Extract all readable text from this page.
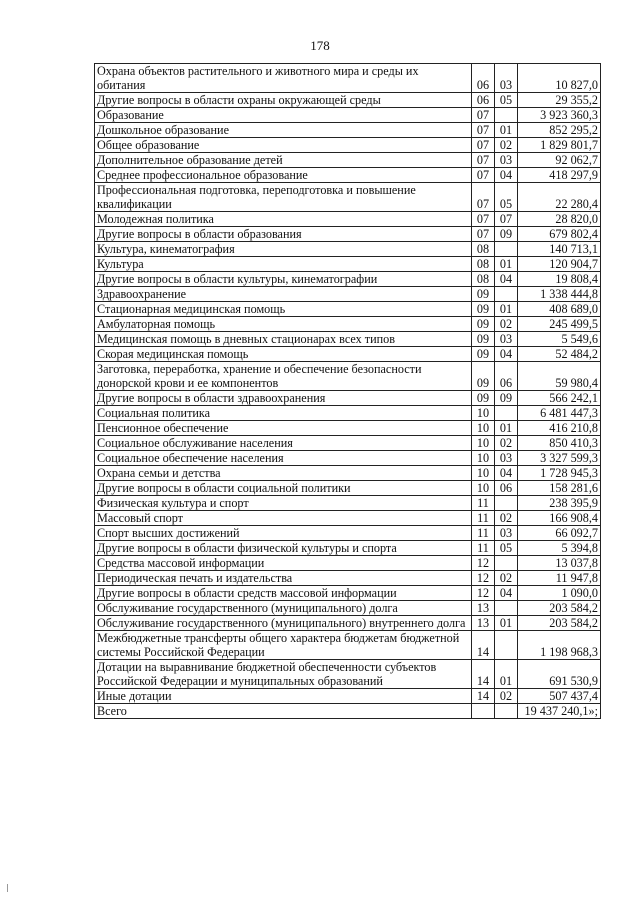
178
Охрана объектов растительного и животного мира и среды их обитания	06	03	10 827,0
Другие вопросы в области охраны окружающей среды	06	05	29 355,2
Образование	07		3 923 360,3
Дошкольное образование	07	01	852 295,2
Общее образование	07	02	1 829 801,7
Дополнительное образование детей	07	03	92 062,7
Среднее профессиональное образование	07	04	418 297,9
Профессиональная подготовка, переподготовка и повышение квалификации	07	05	22 280,4
Молодежная политика	07	07	28 820,0
Другие вопросы в области образования	07	09	679 802,4
Культура, кинематография	08		140 713,1
Культура	08	01	120 904,7
Другие вопросы в области культуры, кинематографии	08	04	19 808,4
Здравоохранение	09		1 338 444,8
Стационарная медицинская помощь	09	01	408 689,0
Амбулаторная помощь	09	02	245 499,5
Медицинская помощь в дневных стационарах всех типов	09	03	5 549,6
Скорая медицинская помощь	09	04	52 484,2
Заготовка, переработка, хранение и обеспечение безопасности донорской крови и ее компонентов	09	06	59 980,4
Другие вопросы в области здравоохранения	09	09	566 242,1
Социальная политика	10		6 481 447,3
Пенсионное обеспечение	10	01	416 210,8
Социальное обслуживание населения	10	02	850 410,3
Социальное обеспечение населения	10	03	3 327 599,3
Охрана семьи и детства	10	04	1 728 945,3
Другие вопросы в области социальной политики	10	06	158 281,6
Физическая культура и спорт	11		238 395,9
Массовый спорт	11	02	166 908,4
Спорт высших достижений	11	03	66 092,7
Другие вопросы в области физической культуры и спорта	11	05	5 394,8
Средства массовой информации	12		13 037,8
Периодическая печать и издательства	12	02	11 947,8
Другие вопросы в области средств массовой информации	12	04	1 090,0
Обслуживание государственного (муниципального) долга	13		203 584,2
Обслуживание государственного (муниципального) внутреннего долга	13	01	203 584,2
Межбюджетные трансферты общего характера бюджетам бюджетной системы Российской Федерации	14		1 198 968,3
Дотации на выравнивание бюджетной обеспеченности субъектов Российской Федерации и муниципальных образований	14	01	691 530,9
Иные дотации	14	02	507 437,4
Всего			19 437 240,1»;
